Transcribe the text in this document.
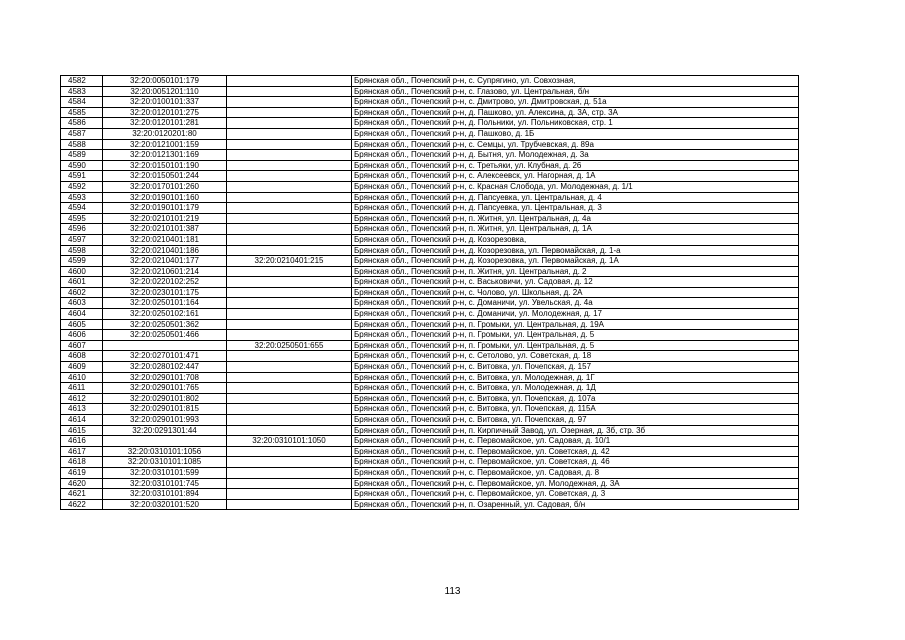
4582	32:20:0050101:179		Брянская обл., Почепский р-н, с. Супрягино, ул. Совхозная,
4583	32:20:0051201:110		Брянская обл., Почепский р-н, с. Глазово, ул. Центральная, б/н
4584	32:20:0100101:337		Брянская обл., Почепский р-н, с. Дмитрово, ул. Дмитровская, д. 51а
4585	32:20:0120101:275		Брянская обл., Почепский р-н, д. Пашково, ул. Алексина, д. 3А, стр. 3А
4586	32:20:0120101:281		Брянская обл., Почепский р-н, д. Польники, ул. Польниковская, стр. 1
4587	32:20:0120201:80		Брянская обл., Почепский р-н, д. Пашково, д. 1Б
4588	32:20:0121001:159		Брянская обл., Почепский р-н, с. Семцы, ул. Трубчевская, д. 89а
4589	32:20:0121301:169		Брянская обл., Почепский р-н, д. Бытня, ул. Молодежная, д. 3а
4590	32:20:0150101:190		Брянская обл., Почепский р-н, с. Третьяки, ул. Клубная, д. 26
4591	32:20:0150501:244		Брянская обл., Почепский р-н, с. Алексеевск, ул. Нагорная, д. 1А
4592	32:20:0170101:260		Брянская обл., Почепский р-н, с. Красная Слобода, ул. Молодежная, д. 1/1
4593	32:20:0190101:160		Брянская обл., Почепский р-н, д. Папсуевка, ул. Центральная, д. 4
4594	32:20:0190101:179		Брянская обл., Почепский р-н, д. Папсуевка, ул. Центральная, д. 3
4595	32:20:0210101:219		Брянская обл., Почепский р-н, п. Житня, ул. Центральная, д. 4а
4596	32:20:0210101:387		Брянская обл., Почепский р-н, п. Житня, ул. Центральная, д. 1А
4597	32:20:0210401:181		Брянская обл., Почепский р-н, д. Козорезовка,
4598	32:20:0210401:186		Брянская обл., Почепский р-н, д. Козорезовка, ул. Первомайская, д. 1-а
4599	32:20:0210401:177	32:20:0210401:215	Брянская обл., Почепский р-н, д. Козорезовка, ул. Первомайская, д. 1А
4600	32:20:0210601:214		Брянская обл., Почепский р-н, п. Житня, ул. Центральная, д. 2
4601	32:20:0220102:252		Брянская обл., Почепский р-н, с. Васьковичи, ул. Садовая, д. 12
4602	32:20:0230101:175		Брянская обл., Почепский р-н, с. Чолово, ул. Школьная, д. 2А
4603	32:20:0250101:164		Брянская обл., Почепский р-н, с. Доманичи, ул. Увельская, д. 4а
4604	32:20:0250102:161		Брянская обл., Почепский р-н, с. Доманичи, ул. Молодежная, д. 17
4605	32:20:0250501:362		Брянская обл., Почепский р-н, п. Громыки, ул. Центральная, д. 19А
4606	32:20:0250501:466		Брянская обл., Почепский р-н, п. Громыки, ул. Центральная, д. 5
4607		32:20:0250501:655	Брянская обл., Почепский р-н, п. Громыки, ул. Центральная, д. 5
4608	32:20:0270101:471		Брянская обл., Почепский р-н, с. Сетолово, ул. Советская, д. 18
4609	32:20:0280102:447		Брянская обл., Почепский р-н, с. Витовка, ул. Почепская, д. 157
4610	32:20:0290101:708		Брянская обл., Почепский р-н, с. Витовка, ул. Молодежная, д. 1Г
4611	32:20:0290101:765		Брянская обл., Почепский р-н, с. Витовка, ул. Молодежная, д. 1Д
4612	32:20:0290101:802		Брянская обл., Почепский р-н, с. Витовка, ул. Почепская, д. 107а
4613	32:20:0290101:815		Брянская обл., Почепский р-н, с. Витовка, ул. Почепская, д. 115А
4614	32:20:0290101:993		Брянская обл., Почепский р-н, с. Витовка, ул. Почепская, д. 97
4615	32:20:0291301:44		Брянская обл., Почепский р-н, п. Кирпичный Завод, ул. Озерная, д. 3б, стр. 3б
4616		32:20:0310101:1050	Брянская обл., Почепский р-н, с. Первомайское, ул. Садовая, д. 10/1
4617	32:20:0310101:1056		Брянская обл., Почепский р-н, с. Первомайское, ул. Советская, д. 42
4618	32:20:0310101:1085		Брянская обл., Почепский р-н, с. Первомайское, ул. Советская, д. 46
4619	32:20:0310101:599		Брянская обл., Почепский р-н, с. Первомайское, ул. Садовая, д. 8
4620	32:20:0310101:745		Брянская обл., Почепский р-н, с. Первомайское, ул. Молодежная, д. 3А
4621	32:20:0310101:894		Брянская обл., Почепский р-н, с. Первомайское, ул. Советская, д. 3
4622	32:20:0320101:520		Брянская обл., Почепский р-н, п. Озаренный, ул. Садовая, б/н
113
